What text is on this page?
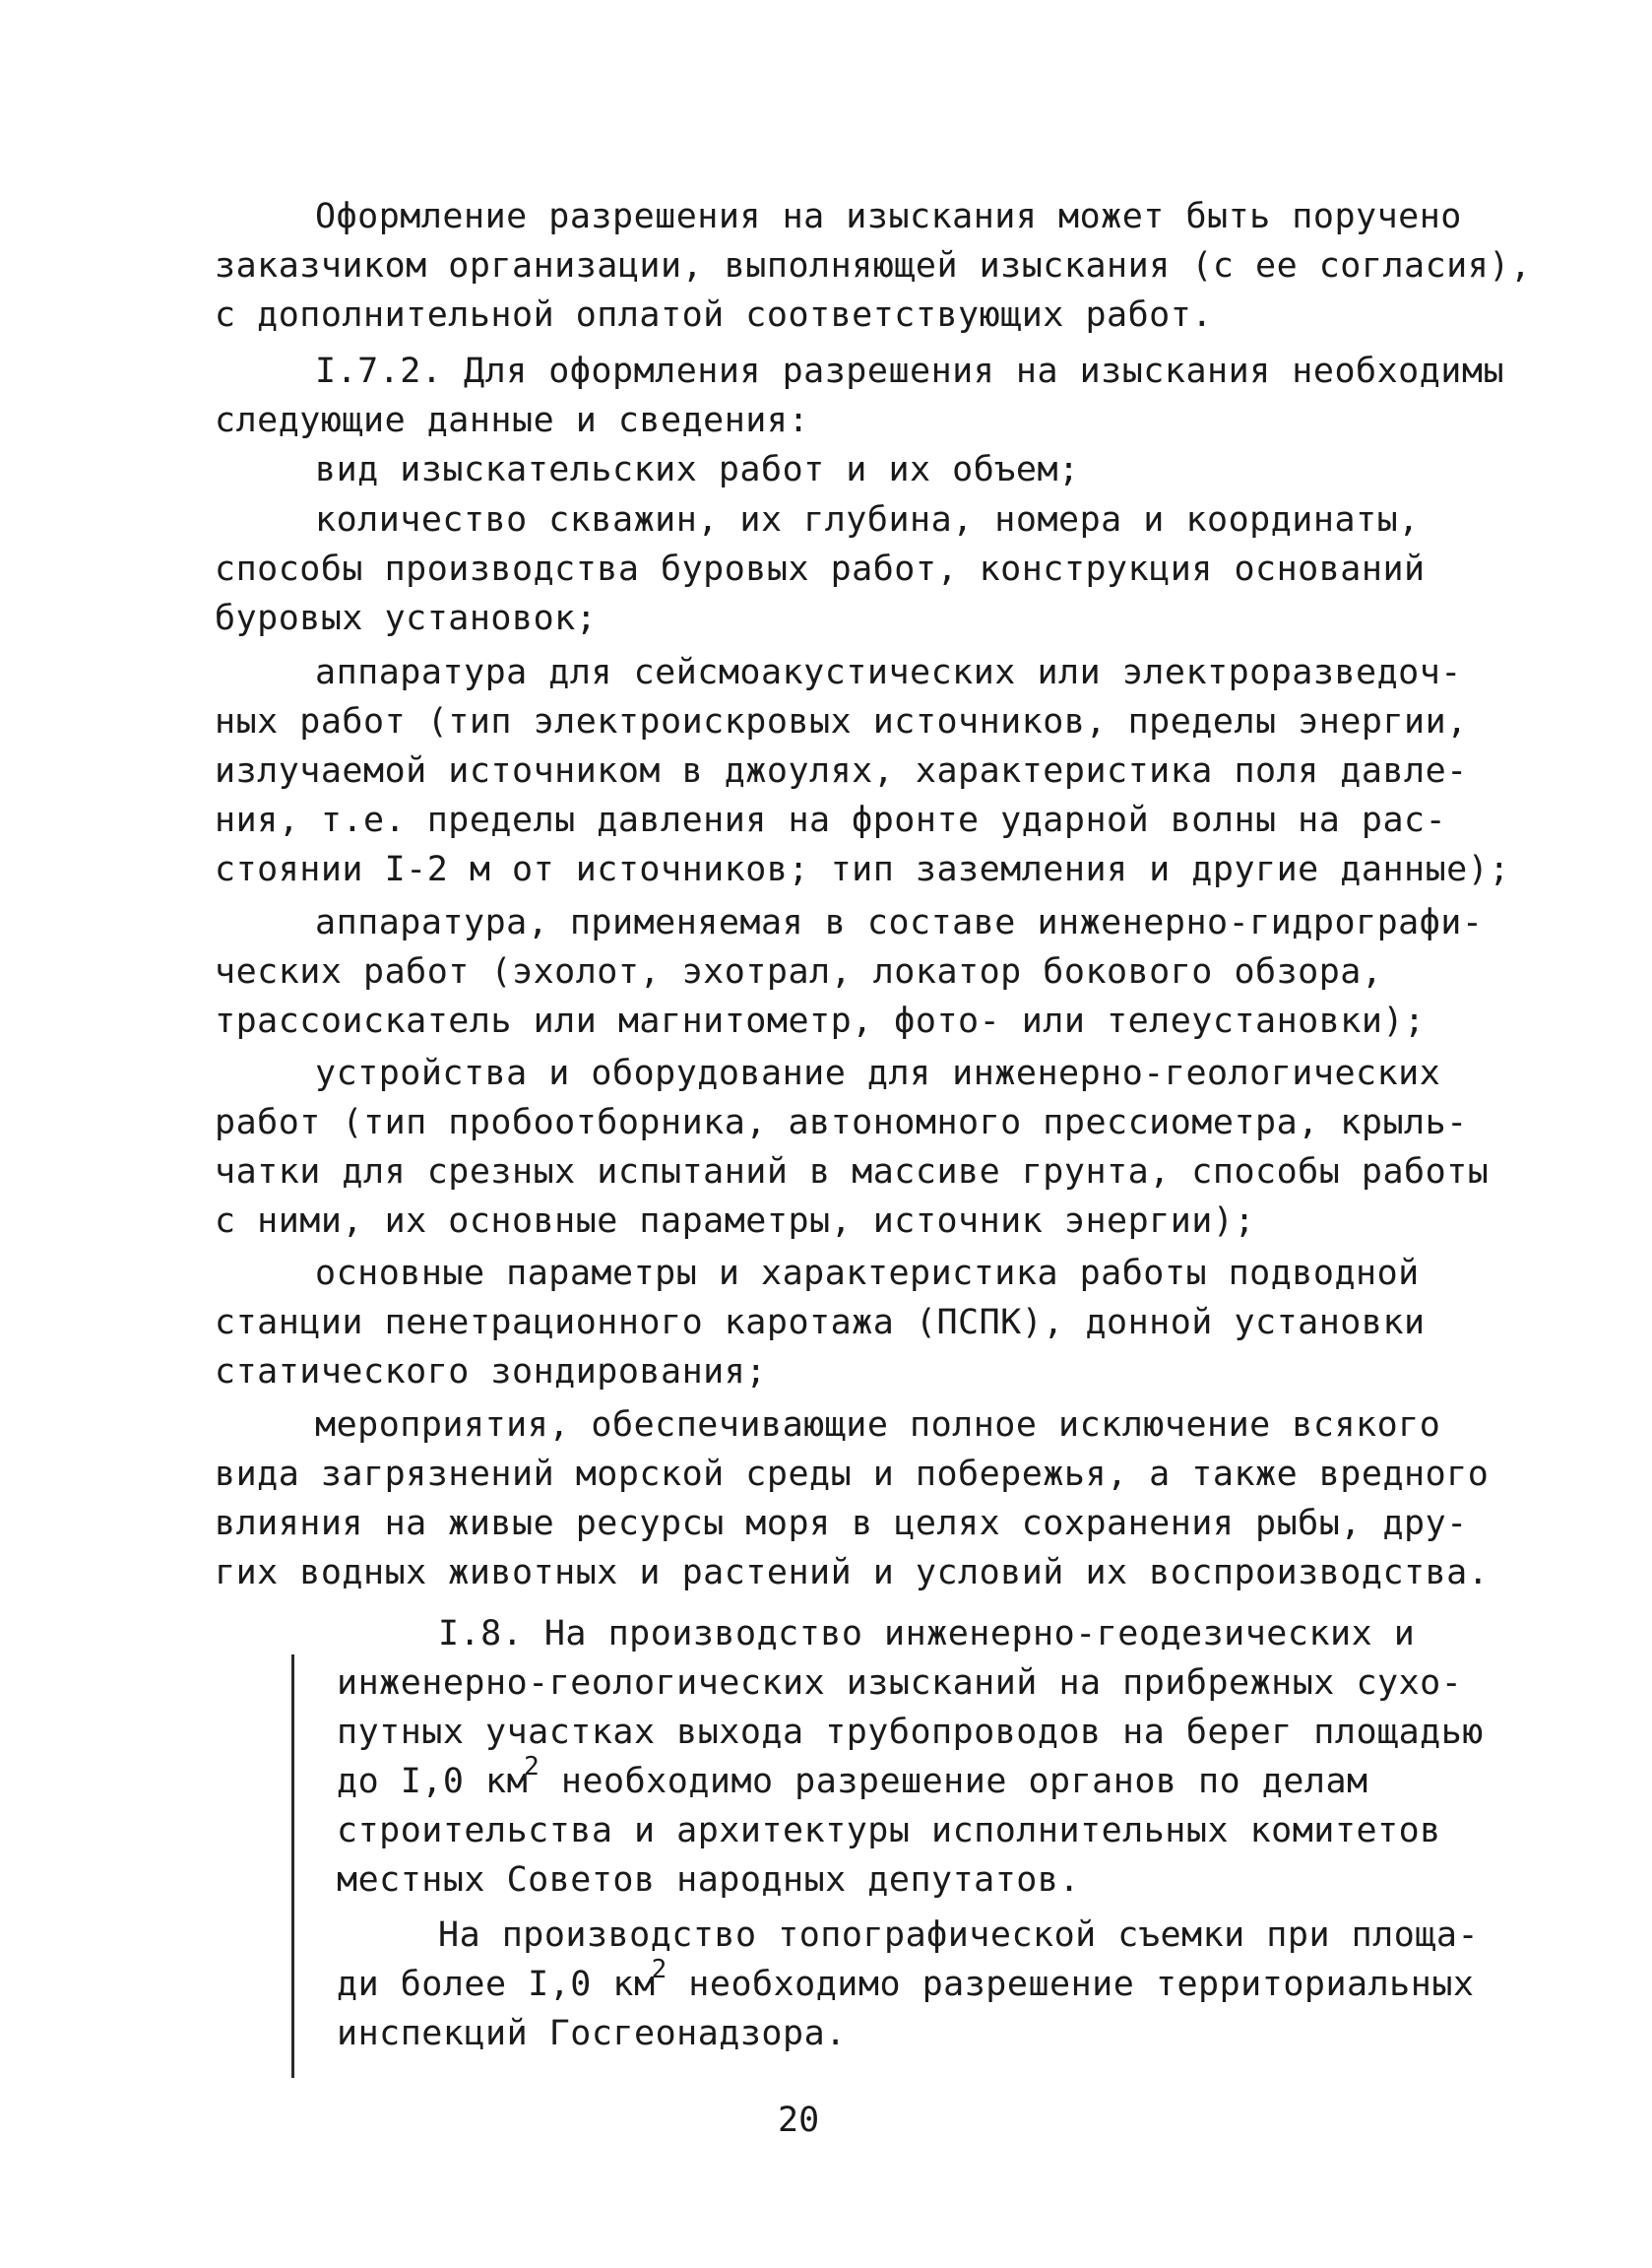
Оформление разрешения на изыскания может быть поручено
заказчиком организации, выполняющей изыскания (с ее согласия),
с дополнительной оплатой соответствующих работ.
I.7.2. Для оформления разрешения на изыскания необходимы
следующие данные и сведения:
вид изыскательских работ и их объем;
количество скважин, их глубина, номера и координаты,
способы производства буровых работ, конструкция оснований
буровых установок;
аппаратура для сейсмоакустических или электроразведоч-
ных работ (тип электроискровых источников, пределы энергии,
излучаемой источником в джоулях, характеристика поля давле-
ния, т.е. пределы давления на фронте ударной волны на рас-
стоянии I-2 м от источников; тип заземления и другие данные);
аппаратура, применяемая в составе инженерно-гидрографи-
ческих работ (эхолот, эхотрал, локатор бокового обзора,
трассоискатель или магнитометр, фото- или телеустановки);
устройства и оборудование для инженерно-геологических
работ (тип пробоотборника, автономного прессиометра, крыль-
чатки для срезных испытаний в массиве грунта, способы работы
с ними, их основные параметры, источник энергии);
основные параметры и характеристика работы подводной
станции пенетрационного каротажа (ПСПК), донной установки
статического зондирования;
мероприятия, обеспечивающие полное исключение всякого
вида загрязнений морской среды и побережья, а также вредного
влияния на живые ресурсы моря в целях сохранения рыбы, дру-
гих водных животных и растений и условий их воспроизводства.
I.8. На производство инженерно-геодезических и
инженерно-геологических изысканий на прибрежных сухо-
путных участках выхода трубопроводов на берег площадью
до I,0 $км^2$ необходимо разрешение органов по делам
строительства и архитектуры исполнительных комитетов
местных Советов народных депутатов.
На производство топографической съемки при площа-
ди более I,0 $км^2$ необходимо разрешение территориальных
инспекций Госгеонадзора.
20
